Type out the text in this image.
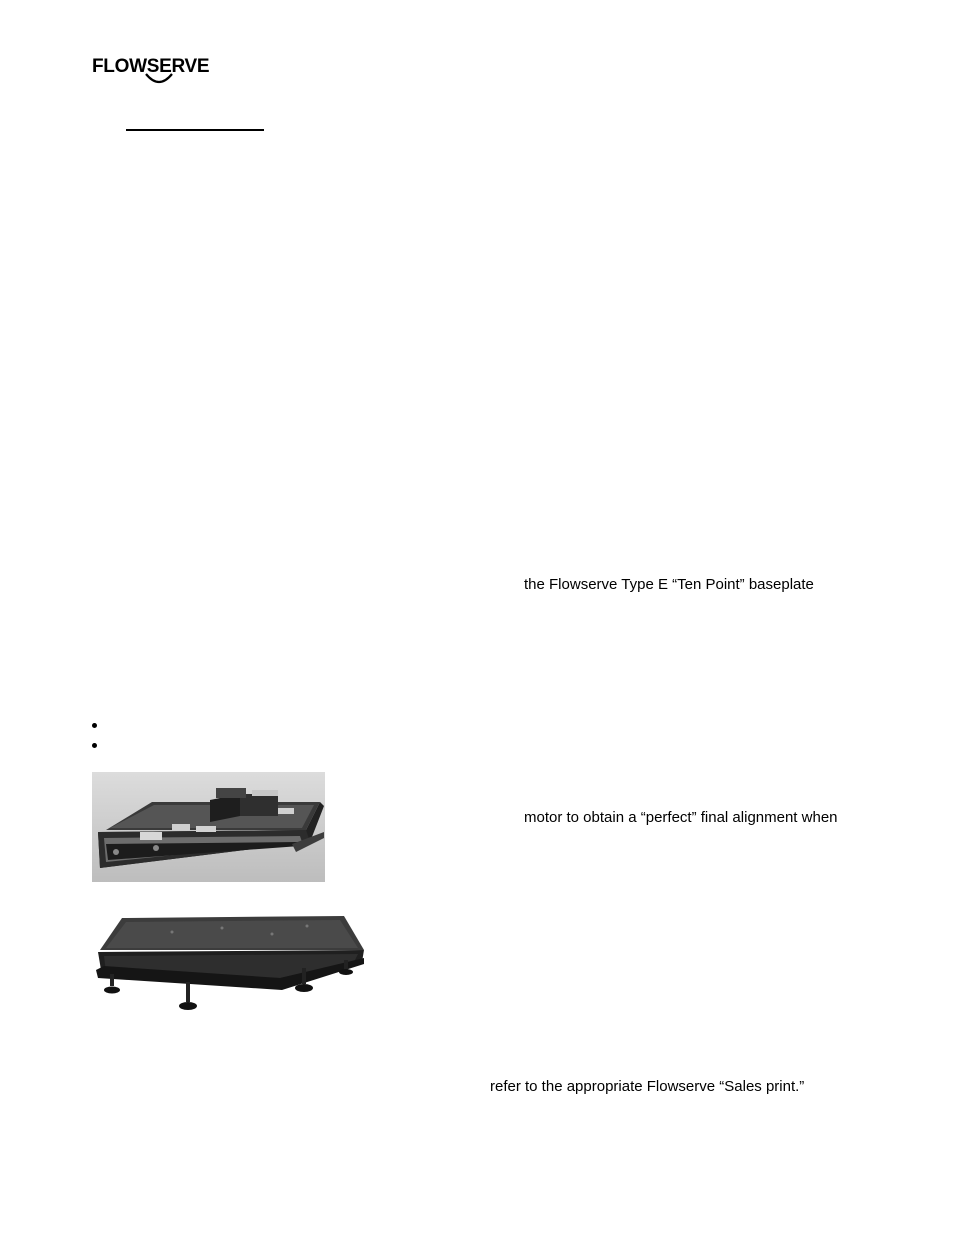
FLOWSERVE
the Flowserve Type E “Ten Point” baseplate
motor to obtain a “perfect” final alignment when
refer to the appropriate Flowserve “Sales print.”
